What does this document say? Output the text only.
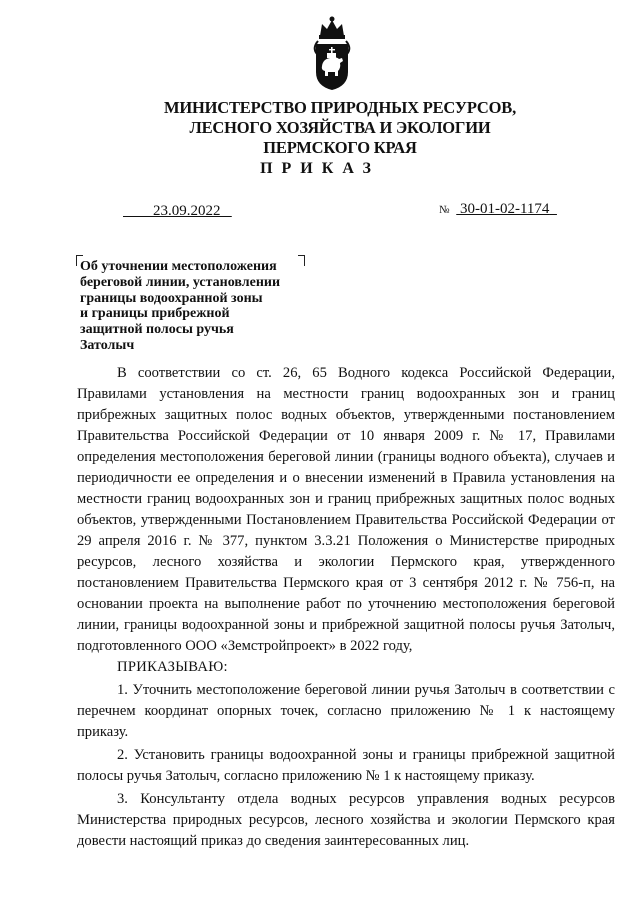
МИНИСТЕРСТВО ПРИРОДНЫХ РЕСУРСОВ,
ЛЕСНОГО ХОЗЯЙСТВА И ЭКОЛОГИИ
ПЕРМСКОГО КРАЯ
ПРИКАЗ
23.09.2022	№ 30-01-02-1174
Об уточнении местоположения
береговой линии, установлении
границы водоохранной зоны
и границы прибрежной
защитной полосы ручья
Затолыч

В соответствии со ст. 26, 65 Водного кодекса Российской Федерации, Правилами установления на местности границ водоохранных зон и границ прибрежных защитных полос водных объектов, утвержденными постановлением Правительства Российской Федерации от 10 января 2009 г. № 17, Правилами определения местоположения береговой линии (границы водного объекта), случаев и периодичности ее определения и о внесении изменений в Правила установления на местности границ водоохранных зон и границ прибрежных защитных полос водных объектов, утвержденными Постановлением Правительства Российской Федерации от 29 апреля 2016 г. № 377, пунктом 3.3.21 Положения о Министерстве природных ресурсов, лесного хозяйства и экологии Пермского края, утвержденного постановлением Правительства Пермского края от 3 сентября 2012 г. № 756-п, на основании проекта на выполнение работ по уточнению местоположения береговой линии, границы водоохранной зоны и прибрежной защитной полосы ручья Затолыч, подготовленного ООО «Земстройпроект» в 2022 году,

ПРИКАЗЫВАЮ:

1. Уточнить местоположение береговой линии ручья Затолыч в соответствии с перечнем координат опорных точек, согласно приложению № 1 к настоящему приказу.

2. Установить границы водоохранной зоны и границы прибрежной защитной полосы ручья Затолыч, согласно приложению № 1 к настоящему приказу.

3. Консультанту отдела водных ресурсов управления водных ресурсов Министерства природных ресурсов, лесного хозяйства и экологии Пермского края довести настоящий приказ до сведения заинтересованных лиц.
